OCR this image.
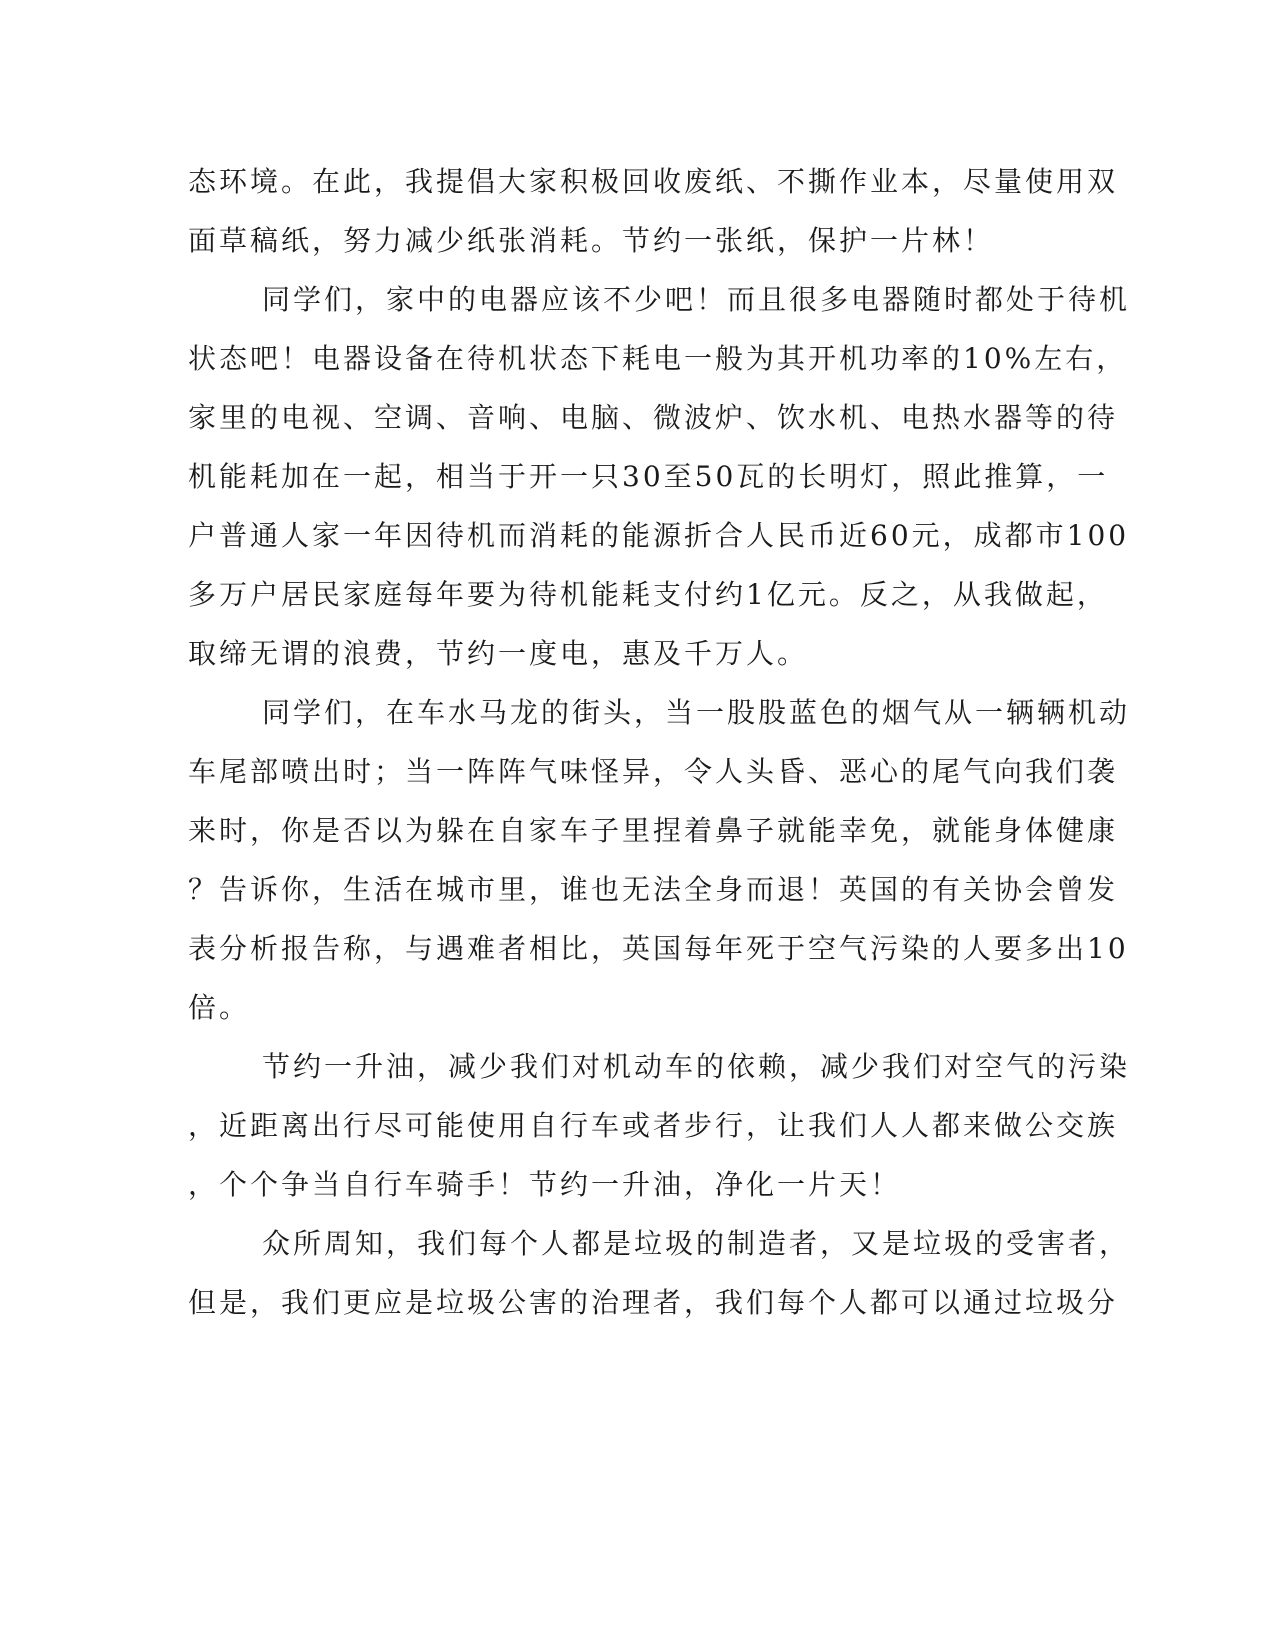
态环境。在此，我提倡大家积极回收废纸、不撕作业本，尽量使用双
面草稿纸，努力减少纸张消耗。节约一张纸，保护一片林！
同学们，家中的电器应该不少吧！而且很多电器随时都处于待机
状态吧！电器设备在待机状态下耗电一般为其开机功率的10%左右，
家里的电视、空调、音响、电脑、微波炉、饮水机、电热水器等的待
机能耗加在一起，相当于开一只30至50瓦的长明灯，照此推算，一
户普通人家一年因待机而消耗的能源折合人民币近60元，成都市100
多万户居民家庭每年要为待机能耗支付约1亿元。反之，从我做起，
取缔无谓的浪费，节约一度电，惠及千万人。
同学们，在车水马龙的街头，当一股股蓝色的烟气从一辆辆机动
车尾部喷出时；当一阵阵气味怪异，令人头昏、恶心的尾气向我们袭
来时，你是否以为躲在自家车子里捏着鼻子就能幸免，就能身体健康
？告诉你，生活在城市里，谁也无法全身而退！英国的有关协会曾发
表分析报告称，与遇难者相比，英国每年死于空气污染的人要多出10
倍。
节约一升油，减少我们对机动车的依赖，减少我们对空气的污染
，近距离出行尽可能使用自行车或者步行，让我们人人都来做公交族
，个个争当自行车骑手！节约一升油，净化一片天！
众所周知，我们每个人都是垃圾的制造者，又是垃圾的受害者，
但是，我们更应是垃圾公害的治理者，我们每个人都可以通过垃圾分
